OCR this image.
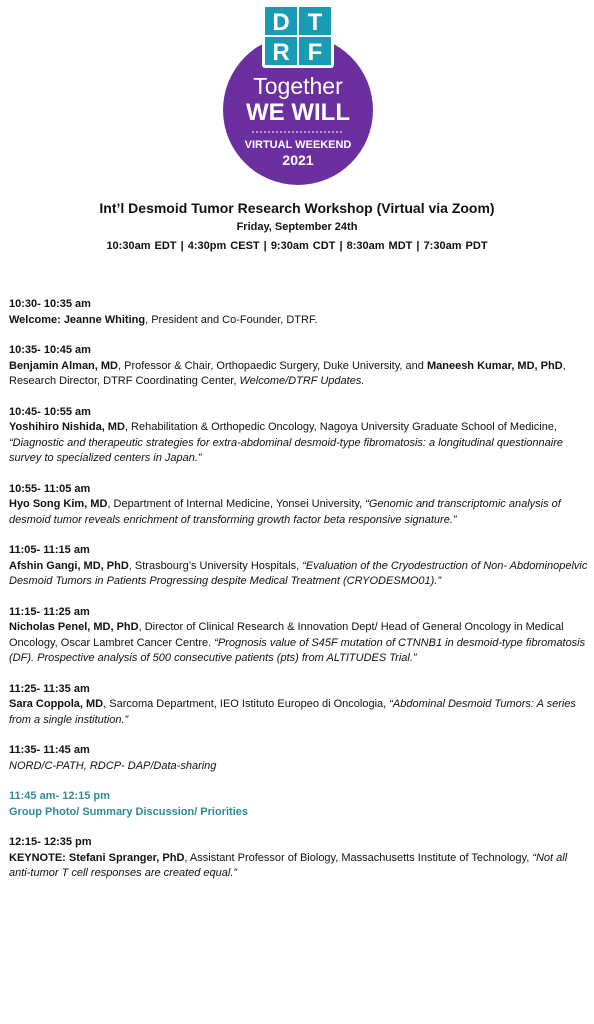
D T
R F
Together
WE WILL
VIRTUAL WEEKEND
2021
Int’l Desmoid Tumor Research Workshop (Virtual via Zoom)
Friday, September 24th
10:30am EDT | 4:30pm CEST | 9:30am CDT | 8:30am MDT | 7:30am PDT
10:30- 10:35 am
Welcome: Jeanne Whiting, President and Co-Founder, DTRF.
10:35- 10:45 am
Benjamin Alman, MD, Professor & Chair, Orthopaedic Surgery, Duke University, and Maneesh Kumar, MD, PhD, Research Director, DTRF Coordinating Center, Welcome/DTRF Updates.
10:45- 10:55 am
Yoshihiro Nishida, MD, Rehabilitation & Orthopedic Oncology, Nagoya University Graduate School of Medicine, “Diagnostic and therapeutic strategies for extra-abdominal desmoid-type fibromatosis: a longitudinal questionnaire survey to specialized centers in Japan.”
10:55- 11:05 am
Hyo Song Kim, MD, Department of Internal Medicine, Yonsei University, “Genomic and transcriptomic analysis of desmoid tumor reveals enrichment of transforming growth factor beta responsive signature.”
11:05- 11:15 am
Afshin Gangi, MD, PhD, Strasbourg’s University Hospitals, “Evaluation of the Cryodestruction of Non- Abdominopelvic Desmoid Tumors in Patients Progressing despite Medical Treatment (CRYODESMO01).”
11:15- 11:25 am
Nicholas Penel, MD, PhD, Director of Clinical Research & Innovation Dept/ Head of General Oncology in Medical Oncology, Oscar Lambret Cancer Centre. “Prognosis value of S45F mutation of CTNNB1 in desmoid-type fibromatosis (DF). Prospective analysis of 500 consecutive patients (pts) from ALTITUDES Trial.”
11:25- 11:35 am
Sara Coppola, MD, Sarcoma Department, IEO Istituto Europeo di Oncologia, “Abdominal Desmoid Tumors: A series from a single institution.”
11:35- 11:45 am
NORD/C-PATH, RDCP- DAP/Data-sharing
11:45 am- 12:15 pm
Group Photo/ Summary Discussion/ Priorities
12:15- 12:35 pm
KEYNOTE: Stefani Spranger, PhD, Assistant Professor of Biology, Massachusetts Institute of Technology, “Not all anti-tumor T cell responses are created equal.”
